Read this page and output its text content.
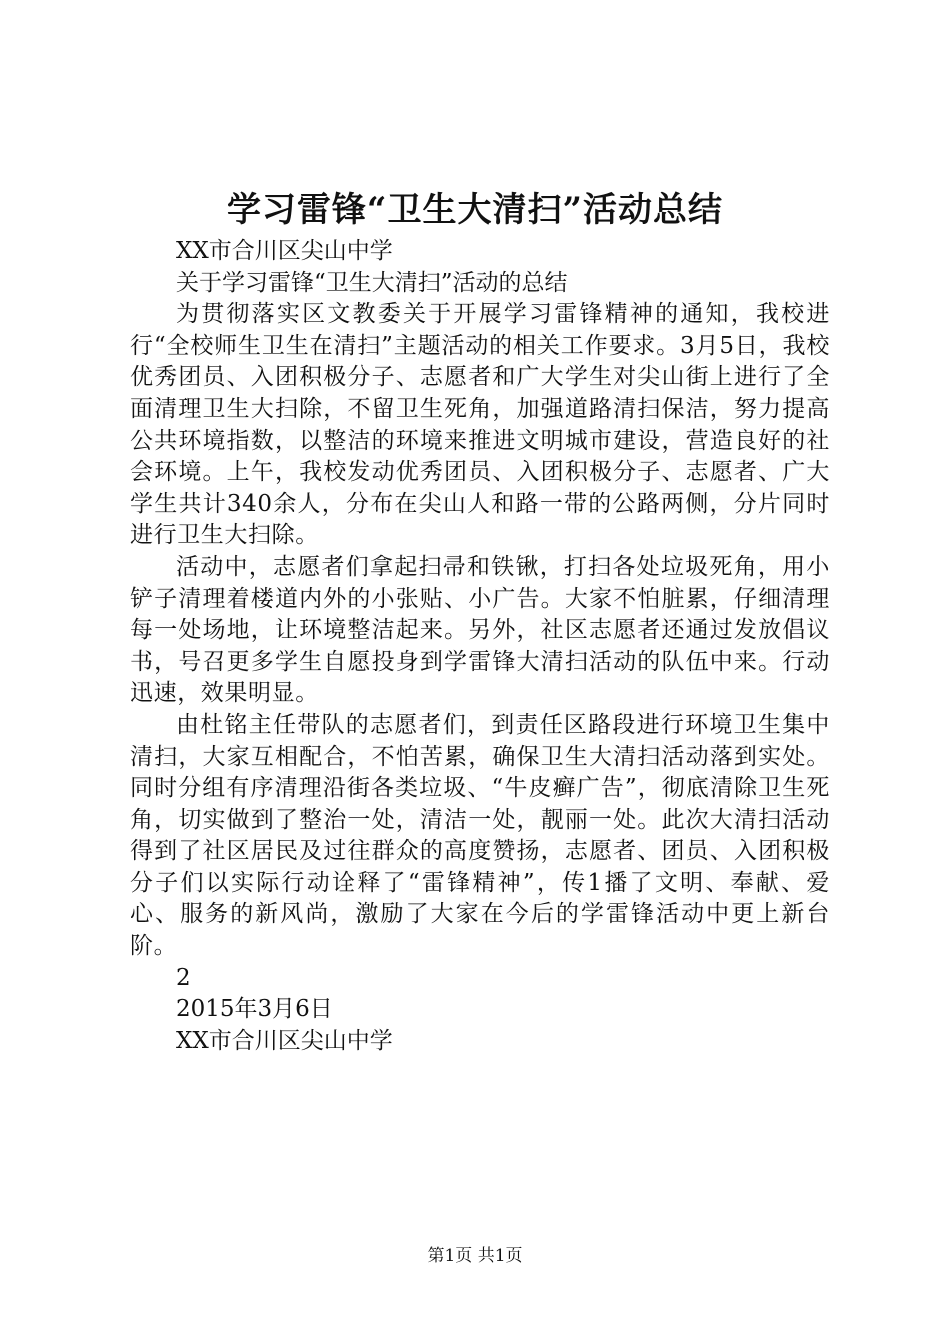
学习雷锋“卫生大清扫”活动总结

XX市合川区尖山中学

关于学习雷锋“卫生大清扫”活动的总结

为贯彻落实区文教委关于开展学习雷锋精神的通知，我校进行“全校师生卫生在清扫”主题活动的相关工作要求。3月5日，我校优秀团员、入团积极分子、志愿者和广大学生对尖山街上进行了全面清理卫生大扫除，不留卫生死角，加强道路清扫保洁，努力提高公共环境指数，以整洁的环境来推进文明城市建设，营造良好的社会环境。上午，我校发动优秀团员、入团积极分子、志愿者、广大学生共计340余人，分布在尖山人和路一带的公路两侧，分片同时进行卫生大扫除。

活动中，志愿者们拿起扫帚和铁锹，打扫各处垃圾死角，用小铲子清理着楼道内外的小张贴、小广告。大家不怕脏累，仔细清理每一处场地，让环境整洁起来。另外，社区志愿者还通过发放倡议书，号召更多学生自愿投身到学雷锋大清扫活动的队伍中来。行动迅速，效果明显。

由杜铭主任带队的志愿者们，到责任区路段进行环境卫生集中清扫，大家互相配合，不怕苦累，确保卫生大清扫活动落到实处。同时分组有序清理沿街各类垃圾、“牛皮癣广告”，彻底清除卫生死角，切实做到了整治一处，清洁一处，靓丽一处。此次大清扫活动得到了社区居民及过往群众的高度赞扬，志愿者、团员、入团积极分子们以实际行动诠释了“雷锋精神”，传1播了文明、奉献、爱心、服务的新风尚，激励了大家在今后的学雷锋活动中更上新台阶。

2

2015年3月6日

XX市合川区尖山中学

第1页 共1页
